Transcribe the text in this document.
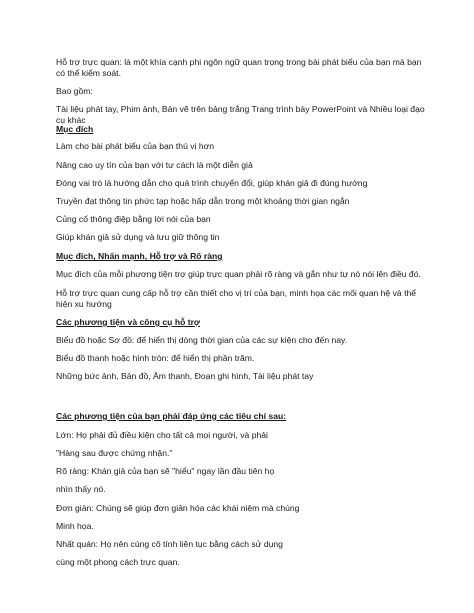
Hỗ trợ trực quan: là một khía cạnh phi ngôn ngữ quan trọng trong bài phát biểu của bạn mà bạn có thể kiểm soát.

Bao gồm:

Tài liệu phát tay, Phim ảnh, Bản vẽ trên bảng trắng Trang trình bày PowerPoint và Nhiều loại đạo cụ khác

Mục đích

Làm cho bài phát biểu của bạn thú vị hơn

Nâng cao uy tín của bạn với tư cách là một diễn giả

Đóng vai trò là hướng dẫn cho quá trình chuyển đổi, giúp khán giả đi đúng hướng

Truyền đạt thông tin phức tạp hoặc hấp dẫn trong một khoảng thời gian ngắn

Củng cố thông điệp bằng lời nói của bạn

Giúp khán giả sử dụng và lưu giữ thông tin

Mục đích, Nhấn mạnh, Hỗ trợ và Rõ ràng

Mục đích của mỗi phương tiện trợ giúp trực quan phải rõ ràng và gắn như tự nó nói lên điều đó.

Hỗ trợ trực quan cung cấp hỗ trợ cần thiết cho vị trí của bạn, minh họa các mối quan hệ và thể hiện xu hướng

Các phương tiện và công cụ hỗ trợ

Biểu đồ hoặc Sơ đồ: để hiển thị dòng thời gian của các sự kiện cho đến nay.

Biểu đồ thanh hoặc hình tròn: để hiển thị phần trăm.

Những bức ảnh, Bản đồ, Âm thanh, Đoạn ghi hình, Tài liệu phát tay

Các phương tiện của bạn phải đáp ứng các tiêu chí sau:

Lớn: Họ phải đủ điều kiện cho tất cả mọi người, và phải

"Hàng sau được chứng nhận."

Rõ ràng: Khán giả của bạn sẽ "hiểu" ngay lần đầu tiên họ

nhìn thấy nó.

Đơn giản: Chúng sẽ giúp đơn giản hóa các khái niệm mà chúng

Minh họa.

Nhất quán: Họ nên cùng cô tính liên tục bằng cách sử dụng

cùng một phong cách trực quan.
